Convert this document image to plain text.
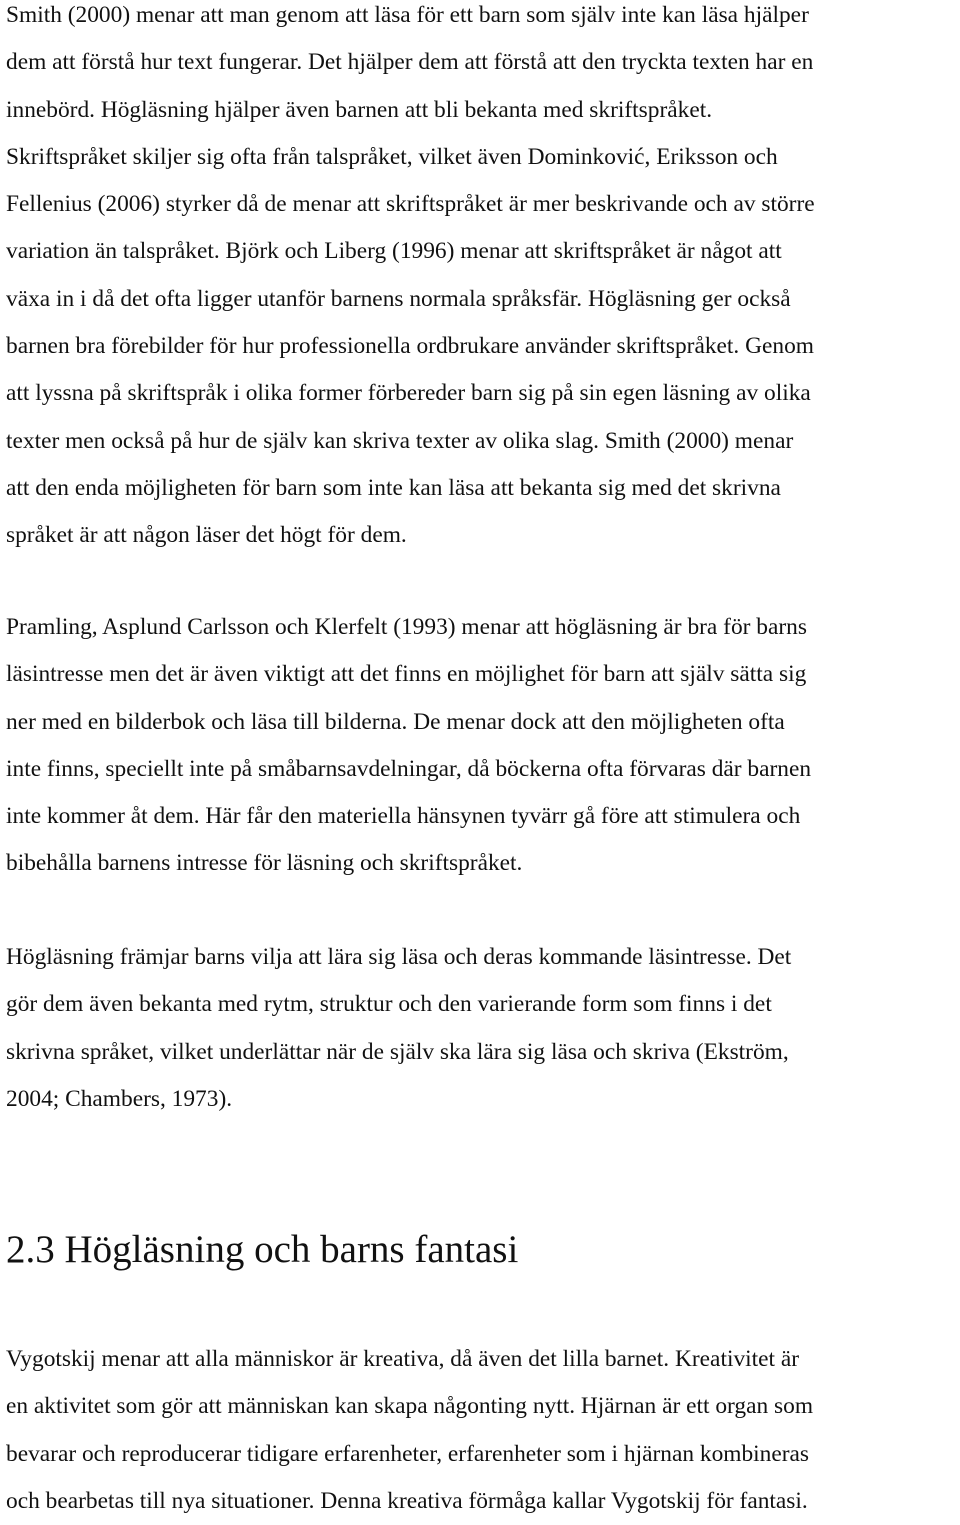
Smith (2000) menar att man genom att läsa för ett barn som själv inte kan läsa hjälper
dem att förstå hur text fungerar. Det hjälper dem att förstå att den tryckta texten har en
innebörd. Högläsning hjälper även barnen att bli bekanta med skriftspråket.
Skriftspråket skiljer sig ofta från talspråket, vilket även Dominković, Eriksson och
Fellenius (2006) styrker då de menar att skriftspråket är mer beskrivande och av större
variation än talspråket. Björk och Liberg (1996) menar att skriftspråket är något att
växa in i då det ofta ligger utanför barnens normala språksfär. Högläsning ger också
barnen bra förebilder för hur professionella ordbrukare använder skriftspråket. Genom
att lyssna på skriftspråk i olika former förbereder barn sig på sin egen läsning av olika
texter men också på hur de själv kan skriva texter av olika slag. Smith (2000) menar
att den enda möjligheten för barn som inte kan läsa att bekanta sig med det skrivna
språket är att någon läser det högt för dem.
Pramling, Asplund Carlsson och Klerfelt (1993) menar att högläsning är bra för barns
läsintresse men det är även viktigt att det finns en möjlighet för barn att själv sätta sig
ner med en bilderbok och läsa till bilderna. De menar dock att den möjligheten ofta
inte finns, speciellt inte på småbarnsavdelningar, då böckerna ofta förvaras där barnen
inte kommer åt dem. Här får den materiella hänsynen tyvärr gå före att stimulera och
bibehålla barnens intresse för läsning och skriftspråket.
Högläsning främjar barns vilja att lära sig läsa och deras kommande läsintresse. Det
gör dem även bekanta med rytm, struktur och den varierande form som finns i det
skrivna språket, vilket underlättar när de själv ska lära sig läsa och skriva (Ekström,
2004; Chambers, 1973).
2.3 Högläsning och barns fantasi
Vygotskij menar att alla människor är kreativa, då även det lilla barnet. Kreativitet är
en aktivitet som gör att människan kan skapa någonting nytt. Hjärnan är ett organ som
bevarar och reproducerar tidigare erfarenheter, erfarenheter som i hjärnan kombineras
och bearbetas till nya situationer. Denna kreativa förmåga kallar Vygotskij för fantasi.
